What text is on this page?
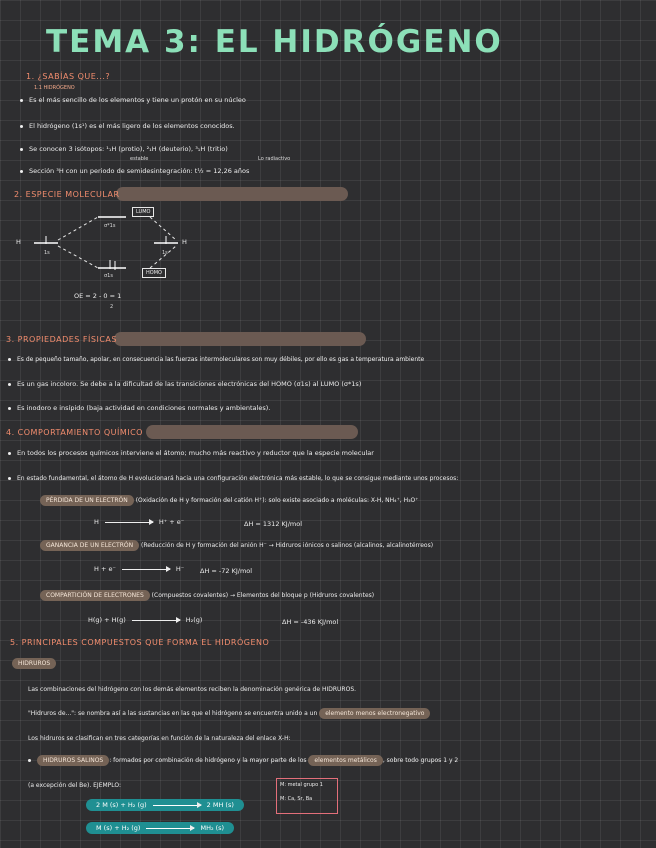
TEMA 3: EL HIDRÓGENO
1. ¿SABÍAS QUE...?
1.1 HIDRÓGENO
Es el más sencillo de los elementos y tiene un protón en su núcleo
El hidrógeno (1s¹) es el más ligero de los elementos conocidos.
Se conocen 3 isótopos: ¹₁H (protio), ²₁H (deuterio), ³₁H (tritio)
estable	Lo radiactivo
Sección ³H con un periodo de semidesintegración: t½ = 12,26 años
2. ESPECIE MOLECULAR
LUMO
HOMO
σ*1s
σ1s
H	H
1s	1s
OE = 2 - 0 = 1
2
3. PROPIEDADES FÍSICAS
Es de pequeño tamaño, apolar, en consecuencia las fuerzas intermoleculares son muy débiles, por ello es gas a temperatura ambiente
Es un gas incoloro. Se debe a la dificultad de las transiciones electrónicas del HOMO (σ1s) al LUMO (σ*1s)
Es inodoro e insípido (baja actividad en condiciones normales y ambientales).
4. COMPORTAMIENTO QUÍMICO
En todos los procesos químicos interviene el átomo; mucho más reactivo y reductor que la especie molecular
En estado fundamental, el átomo de H evolucionará hacia una configuración electrónica más estable, lo que se consigue mediante unos procesos:
PÉRDIDA DE UN ELECTRÓN (Oxidación de H y formación del catión H⁺): solo existe asociado a moléculas: X-H, NH₄⁺, H₃O⁺
H	H⁺ + e⁻	ΔH = 1312 KJ/mol
GANANCIA DE UN ELECTRÓN (Reducción de H y formación del anión H⁻ → Hidruros iónicos o salinos (alcalinos, alcalinotérreos)
H + e⁻	H⁻ ΔH = -72 KJ/mol
COMPARTICIÓN DE ELECTRONES (Compuestos covalentes) → Elementos del bloque p (Hidruros covalentes)
H(g) + H(g)	H₂(g)	ΔH = -436 KJ/mol
5. PRINCIPALES COMPUESTOS QUE FORMA EL HIDRÓGENO
HIDRUROS
Las combinaciones del hidrógeno con los demás elementos reciben la denominación genérica de HIDRUROS.
"Hidruros de...": se nombra así a las sustancias en las que el hidrógeno se encuentra unido a un elemento menos electronegativo
Los hidruros se clasifican en tres categorías en función de la naturaleza del enlace X-H:
HIDRUROS SALINOS : formados por combinación de hidrógeno y la mayor parte de los elementos metálicos , sobre todo grupos 1 y 2
(a excepción del Be). EJEMPLO:	M: metal grupo 1
M: Ca, Sr, Ba
2 M (s) + H₂ (g)	2 MH (s)
M (s) + H₂ (g)	MH₂ (s)
